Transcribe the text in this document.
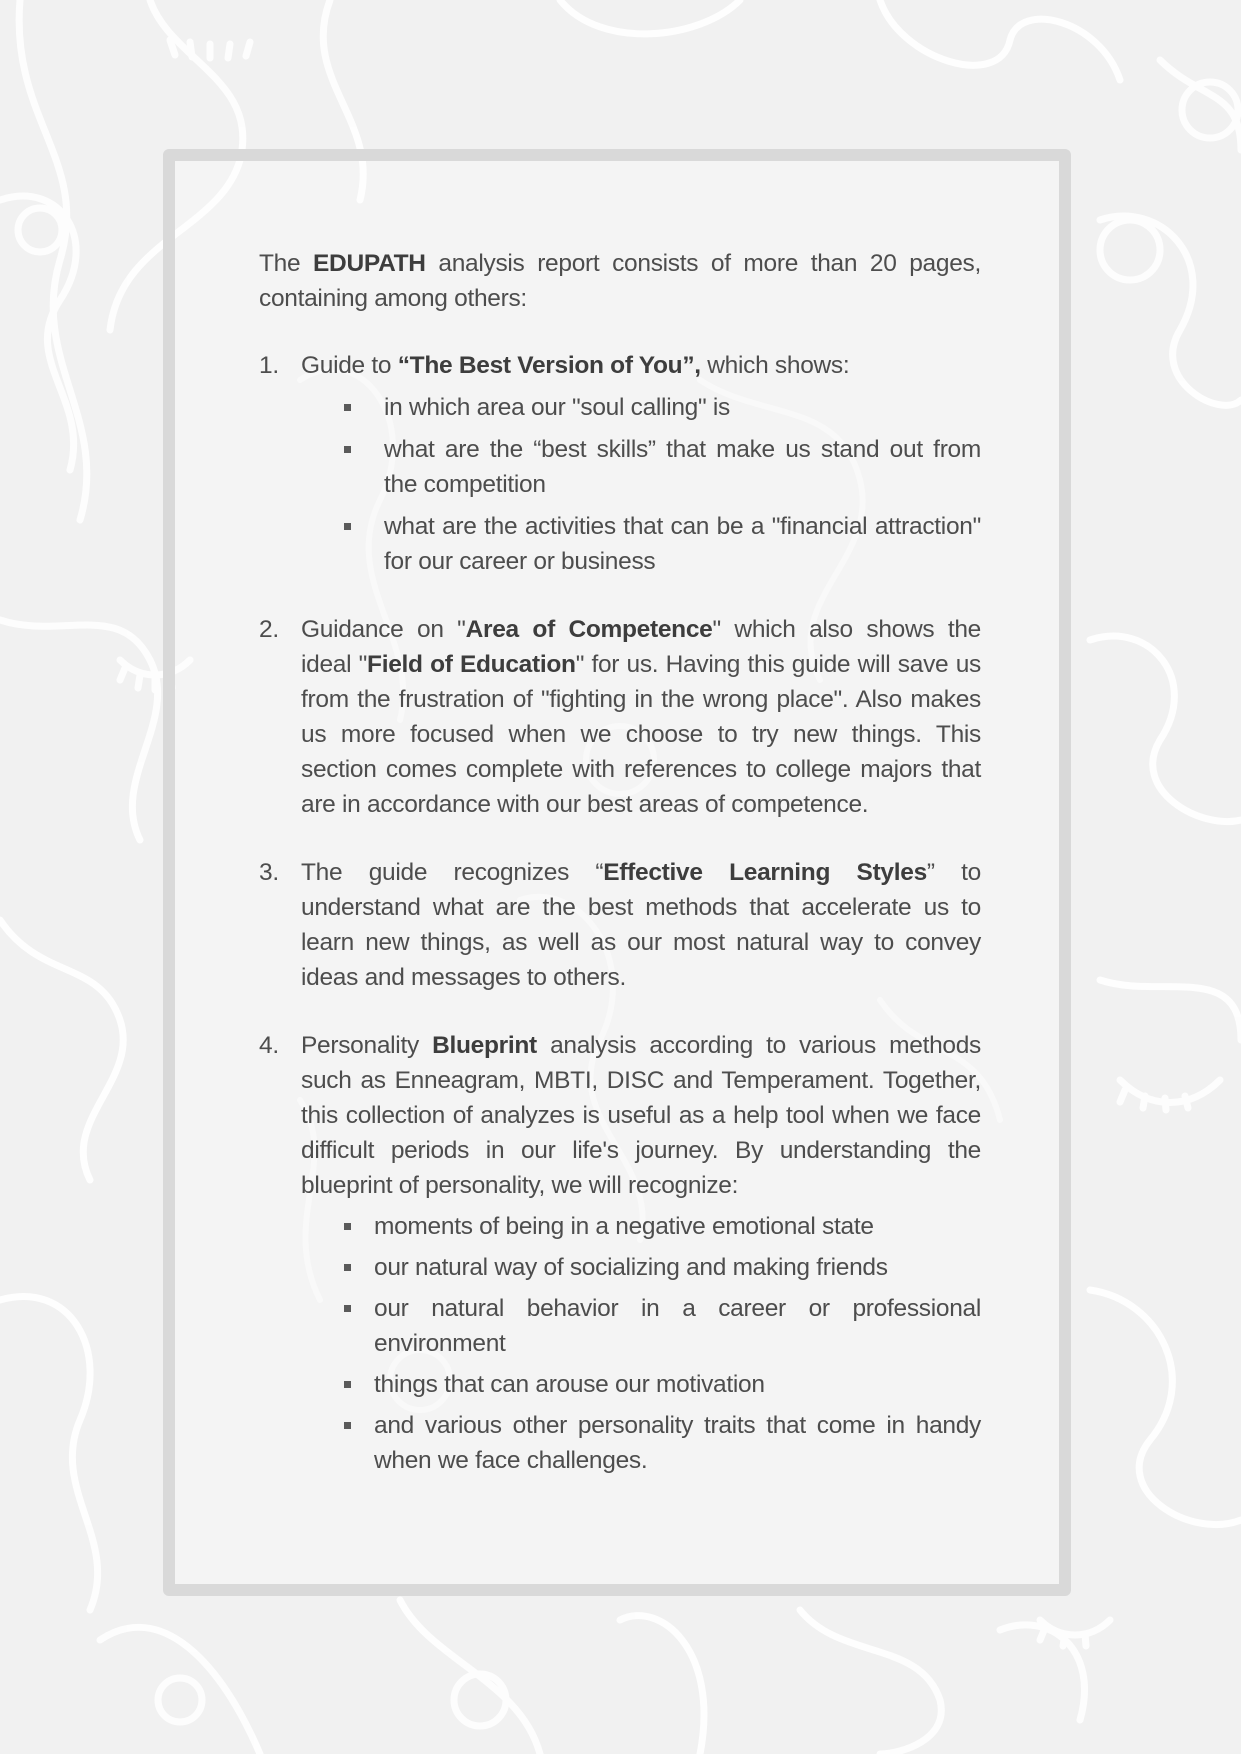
The EDUPATH analysis report consists of more than 20 pages, containing among others:

1. Guide to “The Best Version of You”, which shows:
in which area our "soul calling" is
what are the “best skills” that make us stand out from the competition
what are the activities that can be a "financial attraction" for our career or business
2. Guidance on "Area of Competence" which also shows the ideal "Field of Education" for us. Having this guide will save us from the frustration of "fighting in the wrong place". Also makes us more focused when we choose to try new things. This section comes complete with references to college majors that are in accordance with our best areas of competence.
3. The guide recognizes “Effective Learning Styles” to understand what are the best methods that accelerate us to learn new things, as well as our most natural way to convey ideas and messages to others.
4. Personality Blueprint analysis according to various methods such as Enneagram, MBTI, DISC and Temperament. Together, this collection of analyzes is useful as a help tool when we face difficult periods in our life's journey. By understanding the blueprint of personality, we will recognize:
moments of being in a negative emotional state
our natural way of socializing and making friends
our natural behavior in a career or professional environment
things that can arouse our motivation
and various other personality traits that come in handy when we face challenges.
